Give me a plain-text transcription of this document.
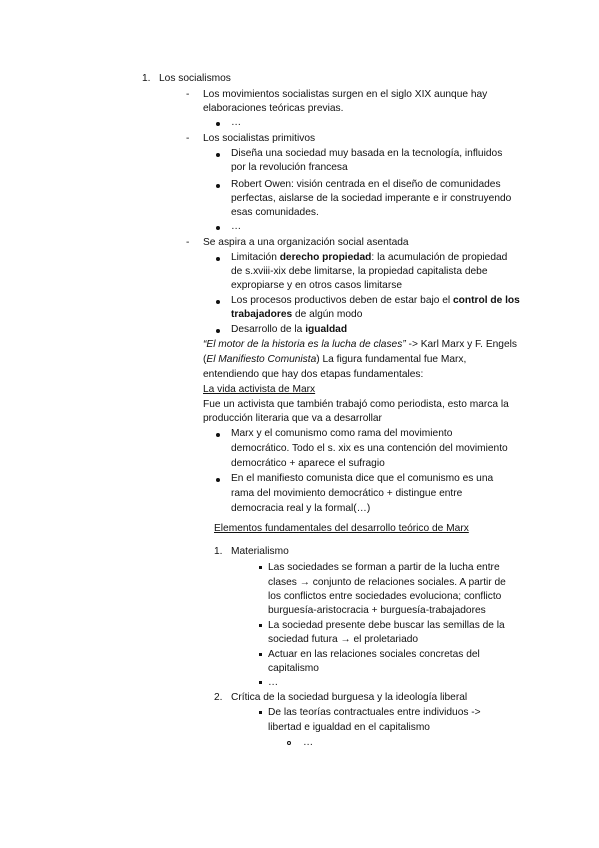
1. Los socialismos
- Los movimientos socialistas surgen en el siglo XIX aunque hay
elaboraciones teóricas previas.
…
- Los socialistas primitivos
Diseña una sociedad muy basada en la tecnología, influidos
por la revolución francesa
Robert Owen: visión centrada en el diseño de comunidades
perfectas, aislarse de la sociedad imperante e ir construyendo
esas comunidades.
…
- Se aspira a una organización social asentada
Limitación derecho propiedad: la acumulación de propiedad
de s.xviii-xix debe limitarse, la propiedad capitalista debe
expropiarse y en otros casos limitarse
Los procesos productivos deben de estar bajo el control de los
trabajadores de algún modo
Desarrollo de la igualdad
“El motor de la historia es la lucha de clases” -> Karl Marx y F. Engels
(El Manifiesto Comunista) La figura fundamental fue Marx,
entendiendo que hay dos etapas fundamentales:
La vida activista de Marx
Fue un activista que también trabajó como periodista, esto marca la
producción literaria que va a desarrollar
Marx y el comunismo como rama del movimiento
democrático. Todo el s. xix es una contención del movimiento
democrático + aparece el sufragio
En el manifiesto comunista dice que el comunismo es una
rama del movimiento democrático + distingue entre
democracia real y la formal(…)
Elementos fundamentales del desarrollo teórico de Marx
1. Materialismo
Las sociedades se forman a partir de la lucha entre
clases → conjunto de relaciones sociales. A partir de
los conflictos entre sociedades evoluciona; conflicto
burguesía-aristocracia + burguesía-trabajadores
La sociedad presente debe buscar las semillas de la
sociedad futura → el proletariado
Actuar en las relaciones sociales concretas del
capitalismo
…
2. Crítica de la sociedad burguesa y la ideología liberal
De las teorías contractuales entre individuos ->
libertad e igualdad en el capitalismo
…
